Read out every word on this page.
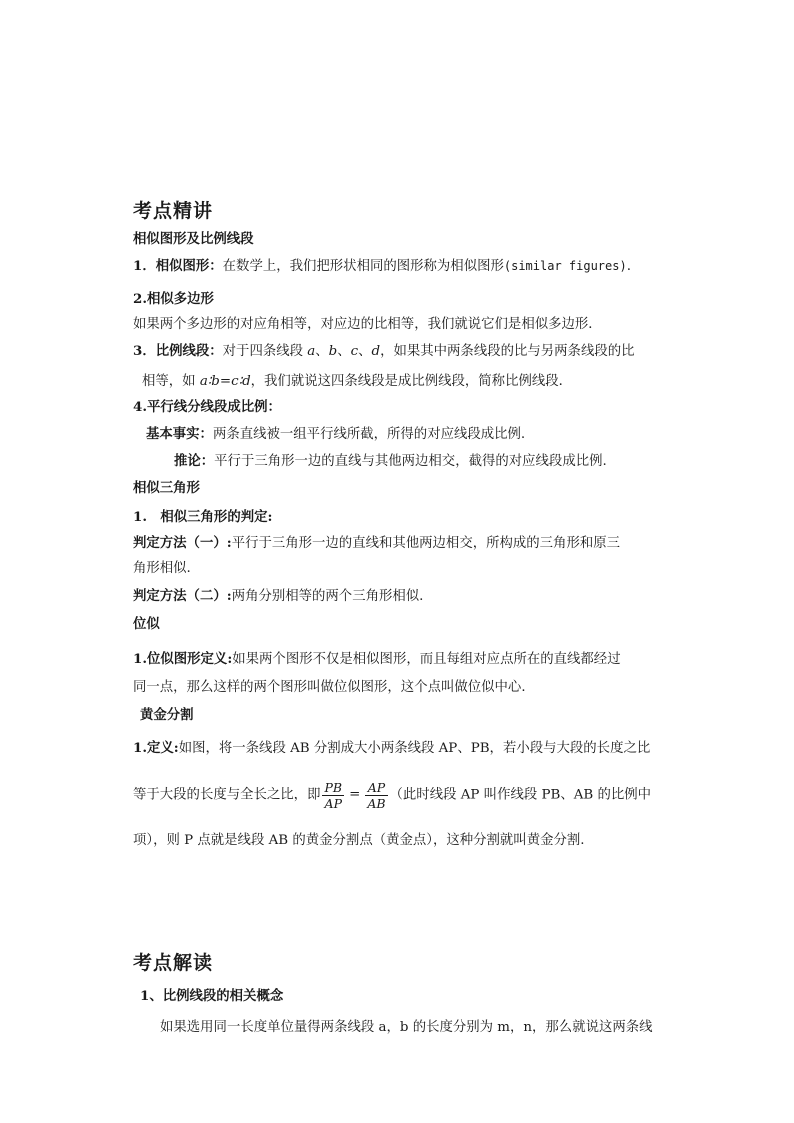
考点精讲
相似图形及比例线段
1．相似图形：在数学上，我们把形状相同的图形称为相似图形(similar figures).
2.相似多边形
如果两个多边形的对应角相等，对应边的比相等，我们就说它们是相似多边形．
3．比例线段：对于四条线段 a、b、c、d，如果其中两条线段的比与另两条线段的比
相等，如 a∶b=c∶d，我们就说这四条线段是成比例线段，简称比例线段．
4.平行线分线段成比例：
基本事实：两条直线被一组平行线所截，所得的对应线段成比例.
推论：平行于三角形一边的直线与其他两边相交，截得的对应线段成比例.
相似三角形
1.　相似三角形的判定:
判定方法（一）:平行于三角形一边的直线和其他两边相交，所构成的三角形和原三
角形相似.
判定方法（二）:两角分别相等的两个三角形相似.
位似
1.位似图形定义:如果两个图形不仅是相似图形，而且每组对应点所在的直线都经过
同一点，那么这样的两个图形叫做位似图形，这个点叫做位似中心．
黄金分割
1.定义:如图，将一条线段 AB 分割成大小两条线段 AP、PB，若小段与大段的长度之比
等于大段的长度与全长之比，即 $\frac{PB}{AP} = \frac{AP}{AB}$ （此时线段 AP 叫作线段 PB、AB 的比例中
项），则 P 点就是线段 AB 的黄金分割点（黄金点），这种分割就叫黄金分割.
考点解读
1、比例线段的相关概念
如果选用同一长度单位量得两条线段 a，b 的长度分别为 m，n，那么就说这两条线
